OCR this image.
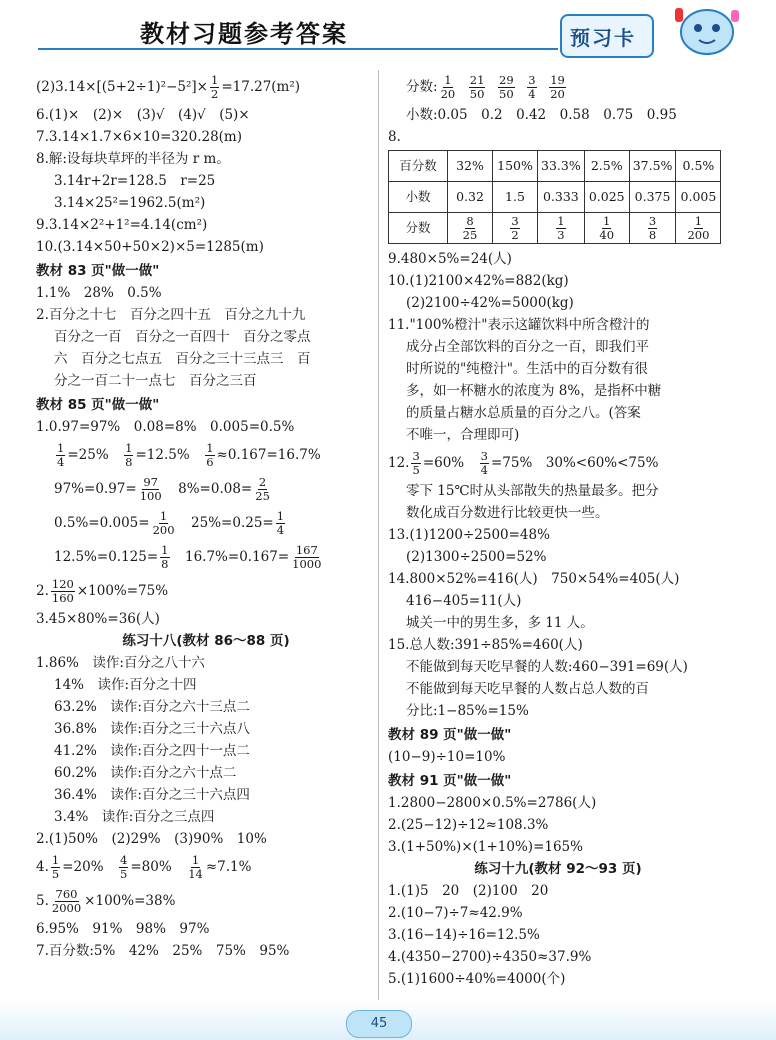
教材习题参考答案	预习卡
$(2)3.14\times[(5+2\div 1)^2-5^2]\times \frac{1}{2} =17.27(m^2)$
6.(1)×　(2)×　(3)√　(4)√　(5)×
7.3.14×1.7×6×10=320.28(m)
8.解:设每块草坪的半径为 r m。
3.14r+2r=128.5　r=25
3.14×25²=1962.5(m²)
9.3.14×2²+1²=4.14(cm²)
10.(3.14×50+50×2)×5=1285(m)
教材 83 页"做一做"
1.1%　28%　0.5%
2.百分之十七　百分之四十五　百分之九十九
百分之一百　百分之一百四十　百分之零点
六　百分之七点五　百分之三十三点三　百
分之一百二十一点七　百分之三百
教材 85 页"做一做"
1.0.97=97%　0.08=8%　0.005=0.5%
$\frac{1}{4} =25\%$　 $\frac{1}{8} =12.5\%$　 $\frac{1}{6} \approx 0.167=16.7\%$
$97\%=0.97= \frac{97}{100}$ 　$8\%=0.08= \frac{2}{25}$
$0.5\%=0.005= \frac{1}{200}$ 　$25\%=0.25= \frac{1}{4}$
$12.5\%=0.125= \frac{1}{8}$ 　$16.7\%=0.167= \frac{167}{1000}$
2. $\frac{120}{160} \times 100\%=75\%$
3.45×80%=36(人)
练习十八(教材 86～88 页)
1.86%　读作:百分之八十六
14%　读作:百分之十四
63.2%　读作:百分之六十三点二
36.8%　读作:百分之三十六点八
41.2%　读作:百分之四十一点二
60.2%　读作:百分之六十点二
36.4%　读作:百分之三十六点四
3.4%　读作:百分之三点四
2.(1)50%　(2)29%　(3)90%　10%
4. $\frac{1}{5} =20\%$　 $\frac{4}{5} =80\%$　 $\frac{1}{14} \approx 7.1\%$
5. $\frac{760}{2000} \times 100\%=38\%$
6.95%　91%　98%　97%
7.百分数:5%　42%　25%　75%　95%
分数: $\frac{1}{20}$
$\frac{21}{50}$
$\frac{29}{50}$
$\frac{3}{4}$
$\frac{19}{20}$
小数:0.05　0.2　0.42　0.58　0.75　0.95
8.
百分数	32%	150%	33.3%	2.5%	37.5%	0.5%
小数	0.32	1.5	0.333	0.025	0.375	0.005
分数	$\frac{8}{25}$	$\frac{3}{2}$	$\frac{1}{3}$	$\frac{1}{40}$	$\frac{3}{8}$	$\frac{1}{200}$
9.480×5%=24(人)
10.(1)2100×42%=882(kg)
(2)2100÷42%=5000(kg)
11."100%橙汁"表示这罐饮料中所含橙汁的
成分占全部饮料的百分之一百，即我们平
时所说的"纯橙汁"。生活中的百分数有很
多，如一杯糖水的浓度为 8%，是指杯中糖
的质量占糖水总质量的百分之八。(答案
不唯一，合理即可)
12. $\frac{3}{5} =60\%$　 $\frac{3}{4} =75\%$　30%<60%<75%
零下 15℃时从头部散失的热量最多。把分
数化成百分数进行比较更快一些。
13.(1)1200÷2500=48%
(2)1300÷2500=52%
14.800×52%=416(人)　750×54%=405(人)
416−405=11(人)
城关一中的男生多，多 11 人。
15.总人数:391÷85%=460(人)
不能做到每天吃早餐的人数:460−391=69(人)
不能做到每天吃早餐的人数占总人数的百
分比:1−85%=15%
教材 89 页"做一做"
(10−9)÷10=10%
教材 91 页"做一做"
1.2800−2800×0.5%=2786(人)
2.(25−12)÷12≈108.3%
3.(1+50%)×(1+10%)=165%
练习十九(教材 92～93 页)
1.(1)5　20　(2)100　20
2.(10−7)÷7≈42.9%
3.(16−14)÷16=12.5%
4.(4350−2700)÷4350≈37.9%
5.(1)1600÷40%=4000(个)
45
